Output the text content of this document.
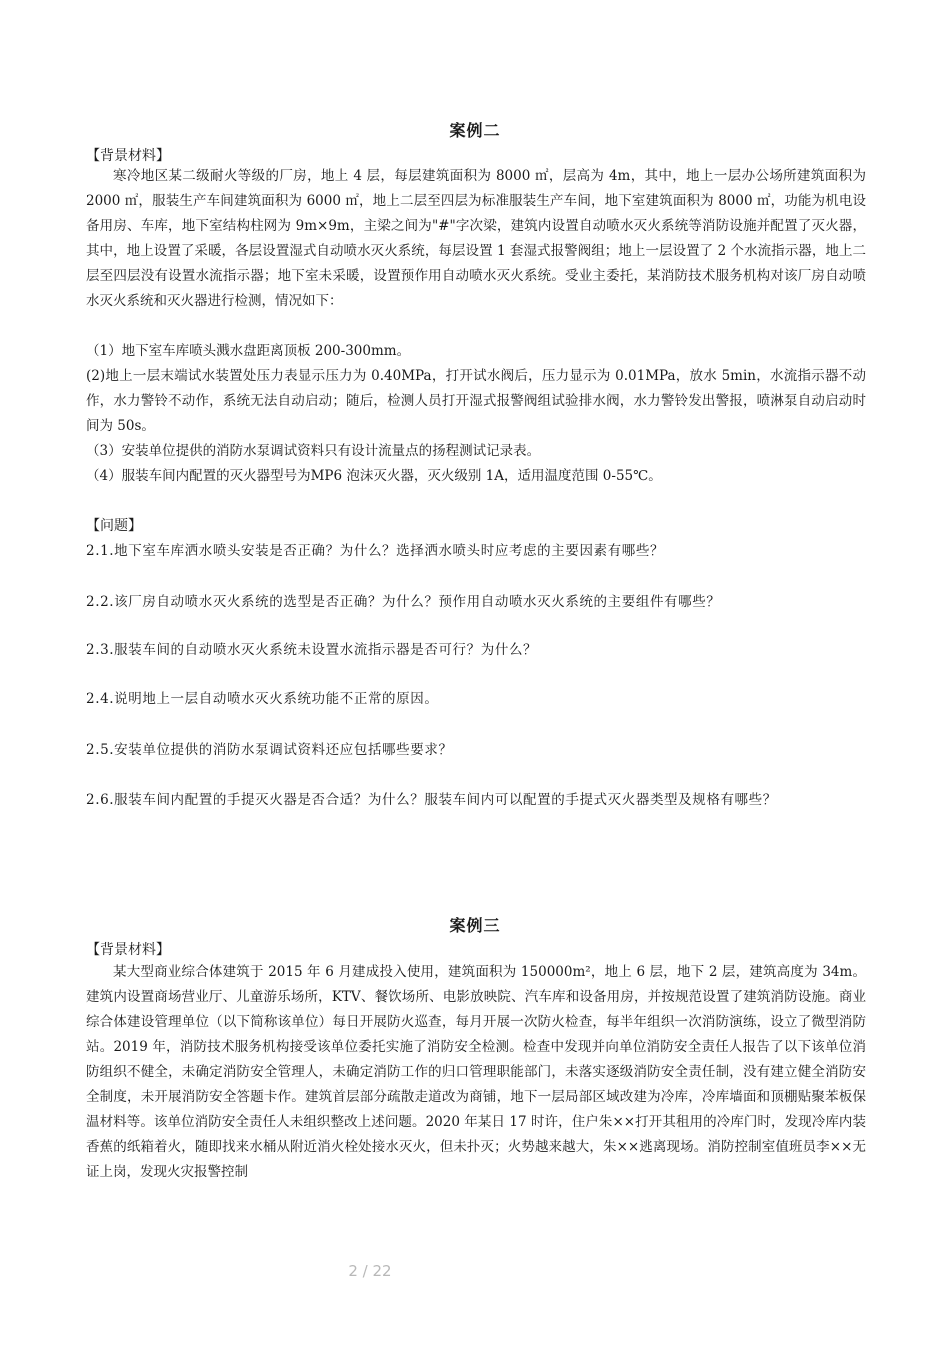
案例二
【背景材料】

寒冷地区某二级耐火等级的厂房，地上 4 层，每层建筑面积为 8000 ㎡，层高为 4m，其中，地上一层办公场所建筑面积为 2000 ㎡，服装生产车间建筑面积为 6000 ㎡，地上二层至四层为标准服装生产车间，地下室建筑面积为 8000 ㎡，功能为机电设备用房、车库，地下室结构柱网为 9m×9m，主梁之间为"#"字次梁，建筑内设置自动喷水灭火系统等消防设施并配置了灭火器，其中，地上设置了采暖，各层设置湿式自动喷水灭火系统，每层设置 1 套湿式报警阀组；地上一层设置了 2 个水流指示器，地上二层至四层没有设置水流指示器；地下室未采暖，设置预作用自动喷水灭火系统。受业主委托，某消防技术服务机构对该厂房自动喷水灭火系统和灭火器进行检测，情况如下：

（1）地下室车库喷头溅水盘距离顶板 200-300mm。

(2)地上一层末端试水装置处压力表显示压力为 0.40MPa，打开试水阀后，压力显示为 0.01MPa，放水 5min，水流指示器不动作，水力警铃不动作，系统无法自动启动；随后，检测人员打开湿式报警阀组试验排水阀，水力警铃发出警报，喷淋泵自动启动时间为 50s。

（3）安装单位提供的消防水泵调试资料只有设计流量点的扬程测试记录表。

（4）服装车间内配置的灭火器型号为MP6 泡沫灭火器，灭火级别 1A，适用温度范围 0-55℃。

【问题】

2.1.地下室车库洒水喷头安装是否正确？为什么？选择洒水喷头时应考虑的主要因素有哪些？

2.2.该厂房自动喷水灭火系统的选型是否正确？为什么？预作用自动喷水灭火系统的主要组件有哪些？

2.3.服装车间的自动喷水灭火系统未设置水流指示器是否可行？为什么？

2.4.说明地上一层自动喷水灭火系统功能不正常的原因。

2.5.安装单位提供的消防水泵调试资料还应包括哪些要求？

2.6.服装车间内配置的手提灭火器是否合适？为什么？服装车间内可以配置的手提式灭火器类型及规格有哪些？

案例三
【背景材料】

某大型商业综合体建筑于 2015 年 6 月建成投入使用，建筑面积为 150000m²，地上 6 层，地下 2 层，建筑高度为 34m。建筑内设置商场营业厅、儿童游乐场所，KTV、餐饮场所、电影放映院、汽车库和设备用房，并按规范设置了建筑消防设施。商业综合体建设管理单位（以下简称该单位）每日开展防火巡查，每月开展一次防火检查，每半年组织一次消防演练，设立了微型消防站。2019 年，消防技术服务机构接受该单位委托实施了消防安全检测。检查中发现并向单位消防安全责任人报告了以下该单位消防组织不健全，未确定消防安全管理人，未确定消防工作的归口管理职能部门，未落实逐级消防安全责任制，没有建立健全消防安全制度，未开展消防安全答题卡作。建筑首层部分疏散走道改为商铺，地下一层局部区域改建为冷库，冷库墙面和顶棚贴聚苯板保温材料等。该单位消防安全责任人未组织整改上述问题。2020 年某日 17 时许，住户朱××打开其租用的冷库门时，发现冷库内装香蕉的纸箱着火，随即找来水桶从附近消火栓处接水灭火，但未扑灭；火势越来越大，朱××逃离现场。消防控制室值班员李××无证上岗，发现火灾报警控制

2 / 22
